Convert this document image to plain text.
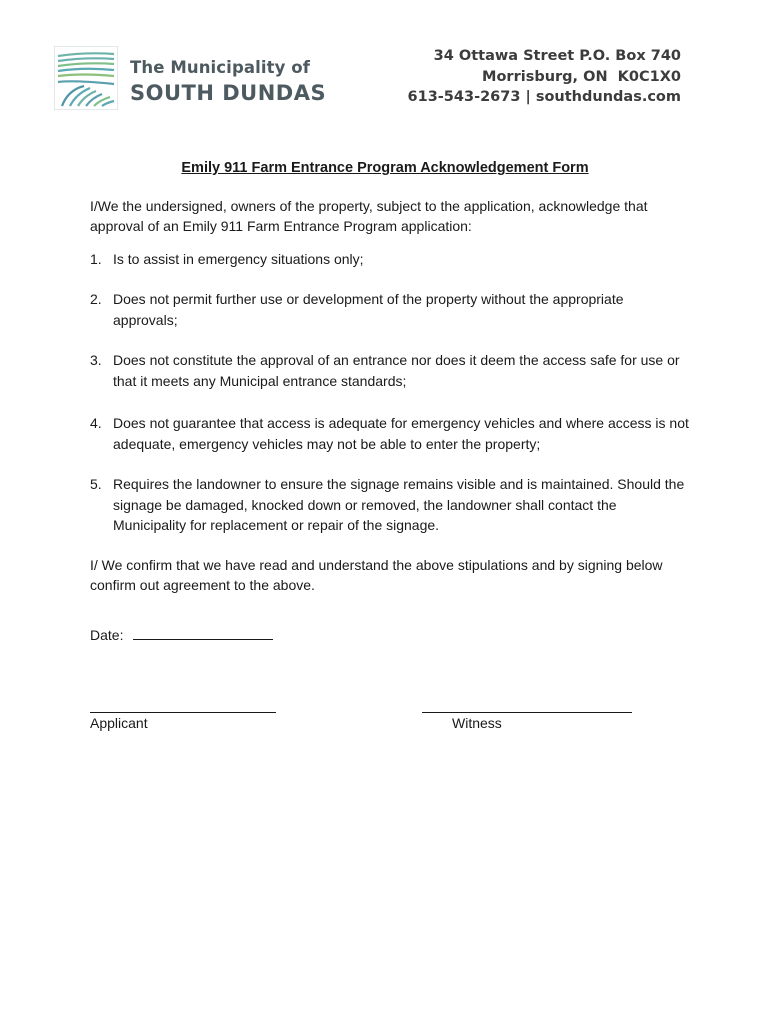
The Municipality of
SOUTH DUNDAS
34 Ottawa Street P.O. Box 740
Morrisburg, ON  K0C1X0
613-543-2673 | southdundas.com
Emily 911 Farm Entrance Program Acknowledgement Form
I/We the undersigned, owners of the property, subject to the application, acknowledge that approval of an Emily 911 Farm Entrance Program application:
1. Is to assist in emergency situations only;
2. Does not permit further use or development of the property without the appropriate approvals;
3. Does not constitute the approval of an entrance nor does it deem the access safe for use or that it meets any Municipal entrance standards;
4. Does not guarantee that access is adequate for emergency vehicles and where access is not adequate, emergency vehicles may not be able to enter the property;
5. Requires the landowner to ensure the signage remains visible and is maintained. Should the signage be damaged, knocked down or removed, the landowner shall contact the Municipality for replacement or repair of the signage.
I/ We confirm that we have read and understand the above stipulations and by signing below confirm out agreement to the above.
Date:
Applicant	Witness
